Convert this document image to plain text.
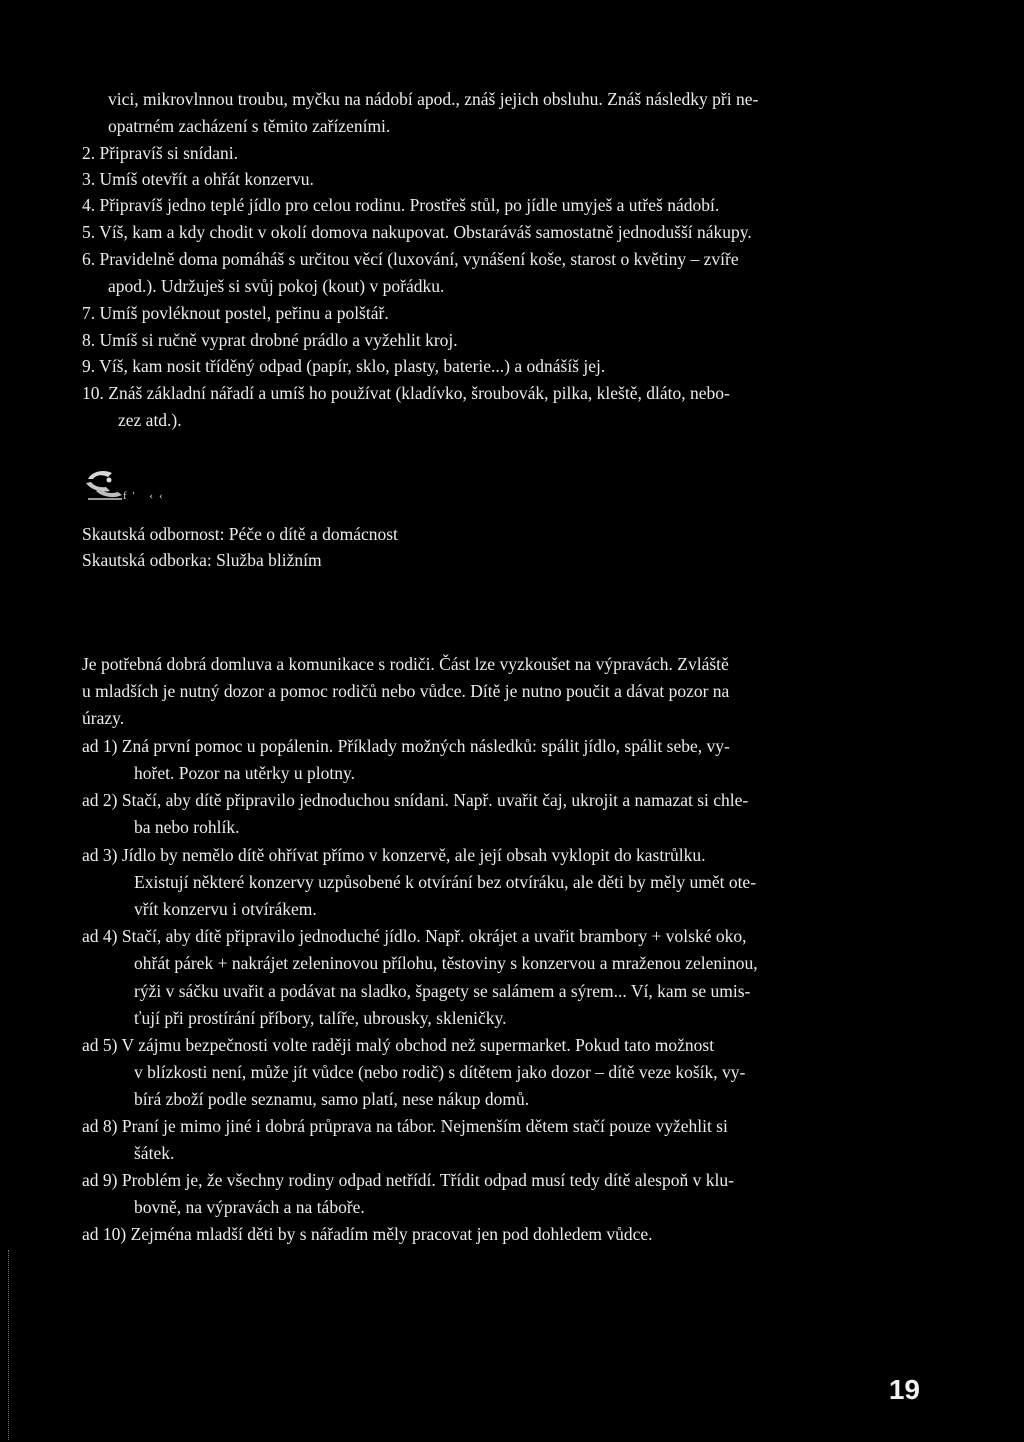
vici, mikrovlnnou troubu, myčku na nádobí apod., znáš jejich obsluhu. Znáš následky při ne-
opatrném zacházení s těmito zařízeními.
2. Připravíš si snídani.
3. Umíš otevřít a ohřát konzervu.
4. Připravíš jedno teplé jídlo pro celou rodinu. Prostřeš stůl, po jídle umyješ a utřeš nádobí.
5. Víš, kam a kdy chodit v okolí domova nakupovat. Obstaráváš samostatně jednodušší nákupy.
6. Pravidelně doma pomáháš s určitou věcí (luxování, vynášení koše, starost o květiny – zvíře
apod.). Udržuješ si svůj pokoj (kout) v pořádku.
7. Umíš povléknout postel, peřinu a polštář.
8. Umíš si ručně vyprat drobné prádlo a vyžehlit kroj.
9. Víš, kam nosit tříděný odpad (papír, sklo, plasty, baterie...) a odnášíš jej.
10. Znáš základní nářadí a umíš ho používat (kladívko, šroubovák, pilka, kleště, dláto, nebo-
zez atd.).
f' ‹‹
Skautská odbornost: Péče o dítě a domácnost
Skautská odborka: Služba bližním
Je potřebná dobrá domluva a komunikace s rodiči. Část lze vyzkoušet na výpravách. Zvláště
u mladších je nutný dozor a pomoc rodičů nebo vůdce. Dítě je nutno poučit a dávat pozor na
úrazy.
ad 1) Zná první pomoc u popálenin. Příklady možných následků: spálit jídlo, spálit sebe, vy-
hořet. Pozor na utěrky u plotny.
ad 2) Stačí, aby dítě připravilo jednoduchou snídani. Např. uvařit čaj, ukrojit a namazat si chle-
ba nebo rohlík.
ad 3) Jídlo by nemělo dítě ohřívat přímo v konzervě, ale její obsah vyklopit do kastrůlku.
Existují některé konzervy uzpůsobené k otvírání bez otvíráku, ale děti by měly umět ote-
vřít konzervu i otvírákem.
ad 4) Stačí, aby dítě připravilo jednoduché jídlo. Např. okrájet a uvařit brambory + volské oko,
ohřát párek + nakrájet zeleninovou přílohu, těstoviny s konzervou a mraženou zeleninou,
rýži v sáčku uvařit a podávat na sladko, špagety se salámem a sýrem... Ví, kam se umis-
ťují při prostírání příbory, talíře, ubrousky, skleničky.
ad 5) V zájmu bezpečnosti volte raději malý obchod než supermarket. Pokud tato možnost
v blízkosti není, může jít vůdce (nebo rodič) s dítětem jako dozor – dítě veze košík, vy-
bírá zboží podle seznamu, samo platí, nese nákup domů.
ad 8) Praní je mimo jiné i dobrá průprava na tábor. Nejmenším dětem stačí pouze vyžehlit si
šátek.
ad 9) Problém je, že všechny rodiny odpad netřídí. Třídit odpad musí tedy dítě alespoň v klu-
bovně, na výpravách a na táboře.
ad 10) Zejména mladší děti by s nářadím měly pracovat jen pod dohledem vůdce.
19
